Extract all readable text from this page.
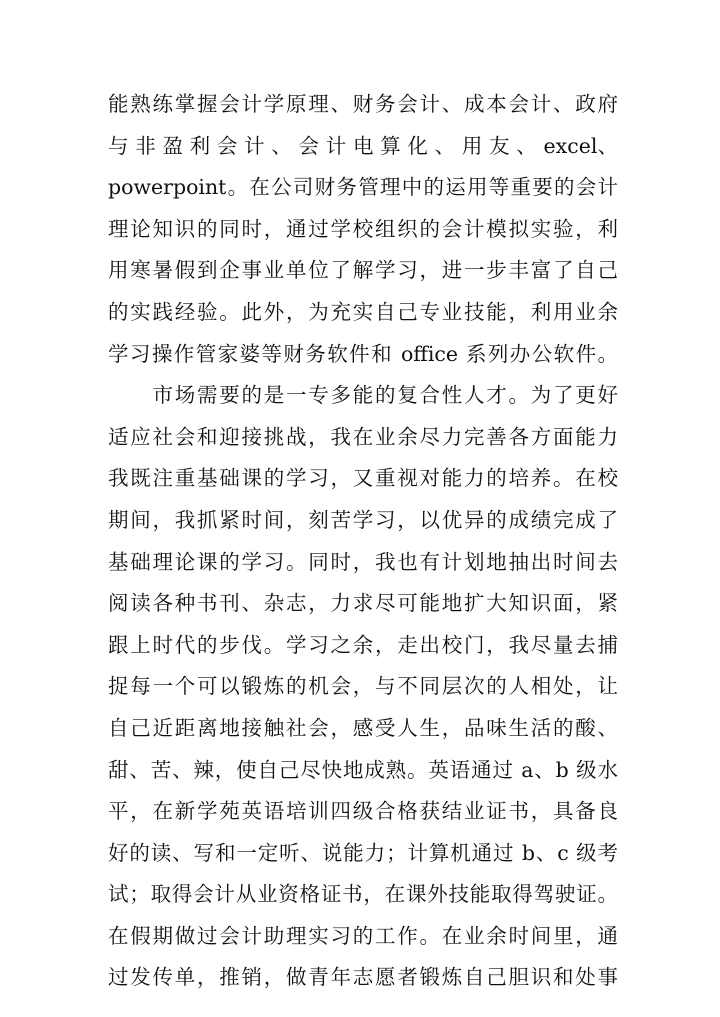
能熟练掌握会计学原理、财务会计、成本会计、政府
与 非 盈 利 会 计 、 会 计 电 算 化 、 用 友 、 excel、
powerpoint。在公司财务管理中的运用等重要的会计
理论知识的同时，通过学校组织的会计模拟实验，利
用寒暑假到企事业单位了解学习，进一步丰富了自己
的实践经验。此外，为充实自己专业技能，利用业余
学习操作管家婆等财务软件和 office 系列办公软件。
　　市场需要的是一专多能的复合性人才。为了更好
适应社会和迎接挑战，我在业余尽力完善各方面能力
我既注重基础课的学习，又重视对能力的培养。在校
期间，我抓紧时间，刻苦学习，以优异的成绩完成了
基础理论课的学习。同时，我也有计划地抽出时间去
阅读各种书刊、杂志，力求尽可能地扩大知识面，紧
跟上时代的步伐。学习之余，走出校门，我尽量去捕
捉每一个可以锻炼的机会，与不同层次的人相处，让
自己近距离地接触社会，感受人生，品味生活的酸、
甜、苦、辣，使自己尽快地成熟。英语通过 a、b 级水
平，在新学苑英语培训四级合格获结业证书，具备良
好的读、写和一定听、说能力；计算机通过 b、c 级考
试；取得会计从业资格证书，在课外技能取得驾驶证。
在假期做过会计助理实习的工作。在业余时间里，通
过发传单，推销，做青年志愿者锻炼自己胆识和处事
